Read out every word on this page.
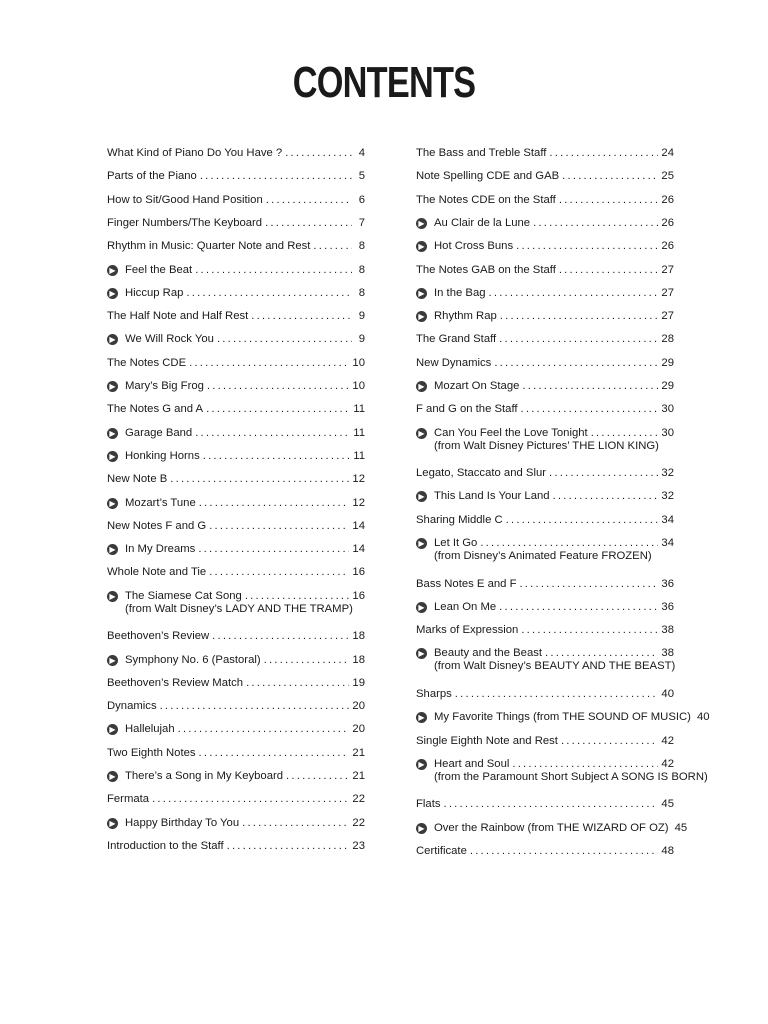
CONTENTS
What Kind of Piano Do You Have ? .....	4
Parts of the Piano .....	5
How to Sit/Good Hand Position .....	6
Finger Numbers/The Keyboard .....	7
Rhythm in Music: Quarter Note and Rest .....	8
▶ Feel the Beat .....	8
▶ Hiccup Rap .....	8
The Half Note and Half Rest .....	9
▶ We Will Rock You .....	9
The Notes CDE .....	10
▶ Mary’s Big Frog .....	10
The Notes G and A .....	11
▶ Garage Band .....	11
▶ Honking Horns .....	11
New Note B .....	12
▶ Mozart’s Tune .....	12
New Notes F and G .....	14
▶ In My Dreams .....	14
Whole Note and Tie .....	16
▶ The Siamese Cat Song .....	16
(from Walt Disney’s LADY AND THE TRAMP)
Beethoven’s Review .....	18
▶ Symphony No. 6 (Pastoral) .....	18
Beethoven’s Review Match .....	19
Dynamics .....	20
▶ Hallelujah .....	20
Two Eighth Notes .....	21
▶ There’s a Song in My Keyboard .....	21
Fermata .....	22
▶ Happy Birthday To You .....	22
Introduction to the Staff .....	23
The Bass and Treble Staff .....	24
Note Spelling CDE and GAB .....	25
The Notes CDE on the Staff .....	26
▶ Au Clair de la Lune .....	26
▶ Hot Cross Buns .....	26
The Notes GAB on the Staff .....	27
▶ In the Bag .....	27
▶ Rhythm Rap .....	27
The Grand Staff .....	28
New Dynamics .....	29
▶ Mozart On Stage .....	29
F and G on the Staff .....	30
▶ Can You Feel the Love Tonight .....	30
(from Walt Disney Pictures’ THE LION KING)
Legato, Staccato and Slur .....	32
▶ This Land Is Your Land .....	32
Sharing Middle C .....	34
▶ Let It Go .....	34
(from Disney’s Animated Feature FROZEN)
Bass Notes E and F .....	36
▶ Lean On Me .....	36
Marks of Expression .....	38
▶ Beauty and the Beast .....	38
(from Walt Disney’s BEAUTY AND THE BEAST)
Sharps .....	40
▶ My Favorite Things (from THE SOUND OF MUSIC) 40
Single Eighth Note and Rest .....	42
▶ Heart and Soul .....	42
(from the Paramount Short Subject A SONG IS BORN)
Flats .....	45
▶ Over the Rainbow (from THE WIZARD OF OZ) 45
Certificate .....	48
